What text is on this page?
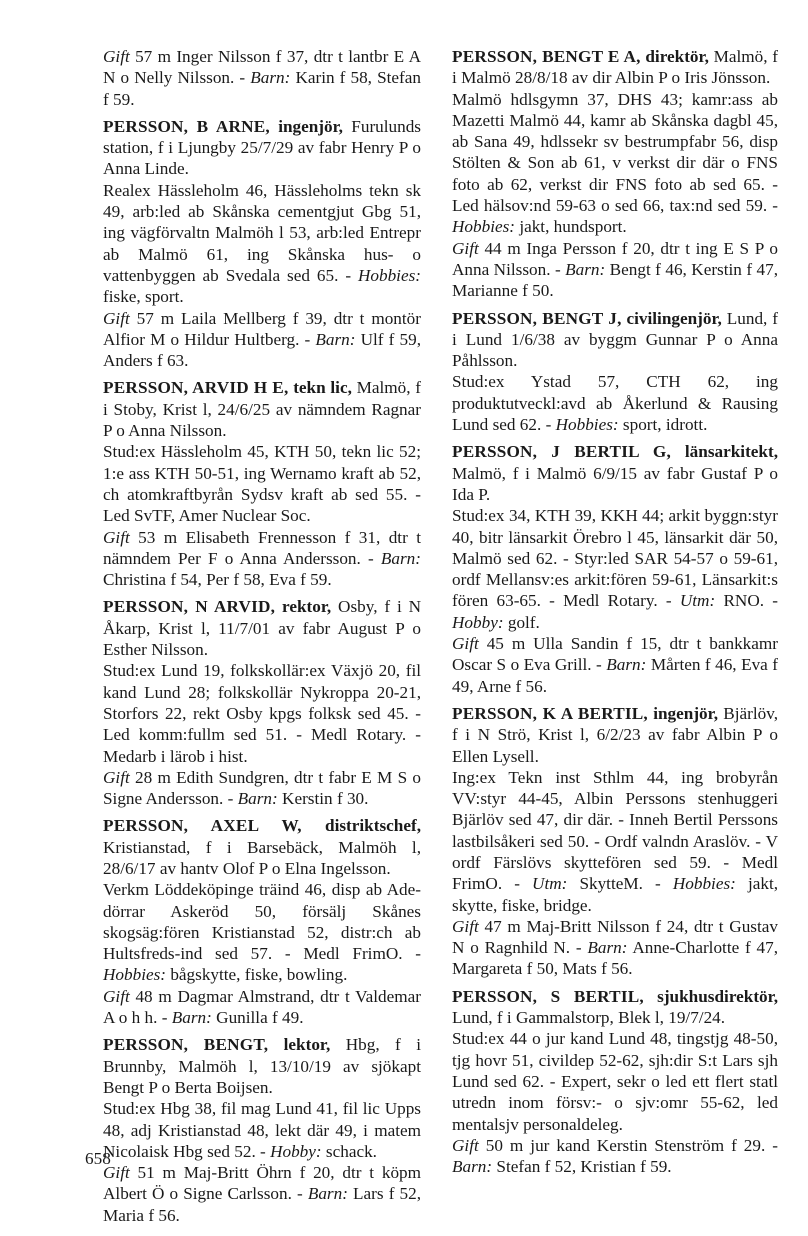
Gift 57 m Inger Nilsson f 37, dtr t lantbr E A N o Nelly Nilsson. - Barn: Karin f 58, Stefan f 59.

PERSSON, B ARNE, ingenjör, Furulunds station, f i Ljungby 25/7/29 av fabr Henry P o Anna Linde.

Realex Hässleholm 46, Hässleholms tekn sk 49, arb:led ab Skånska cementgjut Gbg 51, ing vägförvaltn Malmöh l 53, arb:led Entrepr ab Malmö 61, ing Skånska hus- o vattenbyggen ab Svedala sed 65. - Hobbies: fiske, sport.

Gift 57 m Laila Mellberg f 39, dtr t montör Alfior M o Hildur Hultberg. - Barn: Ulf f 59, Anders f 63.

PERSSON, ARVID H E, tekn lic, Malmö, f i Stoby, Krist l, 24/6/25 av nämndem Ragnar P o Anna Nilsson.

Stud:ex Hässleholm 45, KTH 50, tekn lic 52; 1:e ass KTH 50-51, ing Wernamo kraft ab 52, ch atomkraftbyrån Sydsv kraft ab sed 55. - Led SvTF, Amer Nuclear Soc.

Gift 53 m Elisabeth Frennesson f 31, dtr t nämndem Per F o Anna Andersson. - Barn: Christina f 54, Per f 58, Eva f 59.

PERSSON, N ARVID, rektor, Osby, f i N Åkarp, Krist l, 11/7/01 av fabr August P o Esther Nilsson.

Stud:ex Lund 19, folkskollär:ex Växjö 20, fil kand Lund 28; folkskollär Nykroppa 20-21, Storfors 22, rekt Osby kpgs folksk sed 45. - Led komm:fullm sed 51. - Medl Rotary. - Medarb i lärob i hist.

Gift 28 m Edith Sundgren, dtr t fabr E M S o Signe Andersson. - Barn: Kerstin f 30.

PERSSON, AXEL W, distriktschef, Kristianstad, f i Barsebäck, Malmöh l, 28/6/17 av hantv Olof P o Elna Ingelsson.

Verkm Löddeköpinge träind 46, disp ab Ade-dörrar Askeröd 50, försälj Skånes skogsäg:fören Kristianstad 52, distr:ch ab Hultsfreds-ind sed 57. - Medl FrimO. - Hobbies: bågskytte, fiske, bowling.

Gift 48 m Dagmar Almstrand, dtr t Valdemar A o h h. - Barn: Gunilla f 49.

PERSSON, BENGT, lektor, Hbg, f i Brunnby, Malmöh l, 13/10/19 av sjökapt Bengt P o Berta Boijsen.

Stud:ex Hbg 38, fil mag Lund 41, fil lic Upps 48, adj Kristianstad 48, lekt där 49, i matem Nicolaisk Hbg sed 52. - Hobby: schack.

Gift 51 m Maj-Britt Öhrn f 20, dtr t köpm Albert Ö o Signe Carlsson. - Barn: Lars f 52, Maria f 56.

PERSSON, BENGT E A, direktör, Malmö, f i Malmö 28/8/18 av dir Albin P o Iris Jönsson.

Malmö hdlsgymn 37, DHS 43; kamr:ass ab Mazetti Malmö 44, kamr ab Skånska dagbl 45, ab Sana 49, hdlssekr sv bestrumpfabr 56, disp Stölten & Son ab 61, v verkst dir där o FNS foto ab 62, verkst dir FNS foto ab sed 65. - Led hälsov:nd 59-63 o sed 66, tax:nd sed 59. - Hobbies: jakt, hundsport.

Gift 44 m Inga Persson f 20, dtr t ing E S P o Anna Nilsson. - Barn: Bengt f 46, Kerstin f 47, Marianne f 50.

PERSSON, BENGT J, civilingenjör, Lund, f i Lund 1/6/38 av byggm Gunnar P o Anna Påhlsson.

Stud:ex Ystad 57, CTH 62, ing produktutveckl:avd ab Åkerlund & Rausing Lund sed 62. - Hobbies: sport, idrott.

PERSSON, J BERTIL G, länsarkitekt, Malmö, f i Malmö 6/9/15 av fabr Gustaf P o Ida P.

Stud:ex 34, KTH 39, KKH 44; arkit byggn:styr 40, bitr länsarkit Örebro l 45, länsarkit där 50, Malmö sed 62. - Styr:led SAR 54-57 o 59-61, ordf Mellansv:es arkit:fören 59-61, Länsarkit:s fören 63-65. - Medl Rotary. - Utm: RNO. - Hobby: golf.

Gift 45 m Ulla Sandin f 15, dtr t bankkamr Oscar S o Eva Grill. - Barn: Mårten f 46, Eva f 49, Arne f 56.

PERSSON, K A BERTIL, ingenjör, Bjärlöv, f i N Strö, Krist l, 6/2/23 av fabr Albin P o Ellen Lysell.

Ing:ex Tekn inst Sthlm 44, ing brobyrån VV:styr 44-45, Albin Perssons stenhuggeri Bjärlöv sed 47, dir där. - Inneh Bertil Perssons lastbilsåkeri sed 50. - Ordf valndn Araslöv. - V ordf Färslövs skyttefören sed 59. - Medl FrimO. - Utm: SkytteM. - Hobbies: jakt, skytte, fiske, bridge.

Gift 47 m Maj-Britt Nilsson f 24, dtr t Gustav N o Ragnhild N. - Barn: Anne-Charlotte f 47, Margareta f 50, Mats f 56.

PERSSON, S BERTIL, sjukhusdirektör, Lund, f i Gammalstorp, Blek l, 19/7/24.

Stud:ex 44 o jur kand Lund 48, tingstjg 48-50, tjg hovr 51, civildep 52-62, sjh:dir S:t Lars sjh Lund sed 62. - Expert, sekr o led ett flert statl utredn inom försv:- o sjv:omr 55-62, led mentalsjv personaldeleg.

Gift 50 m jur kand Kerstin Stenström f 29. - Barn: Stefan f 52, Kristian f 59.

658
